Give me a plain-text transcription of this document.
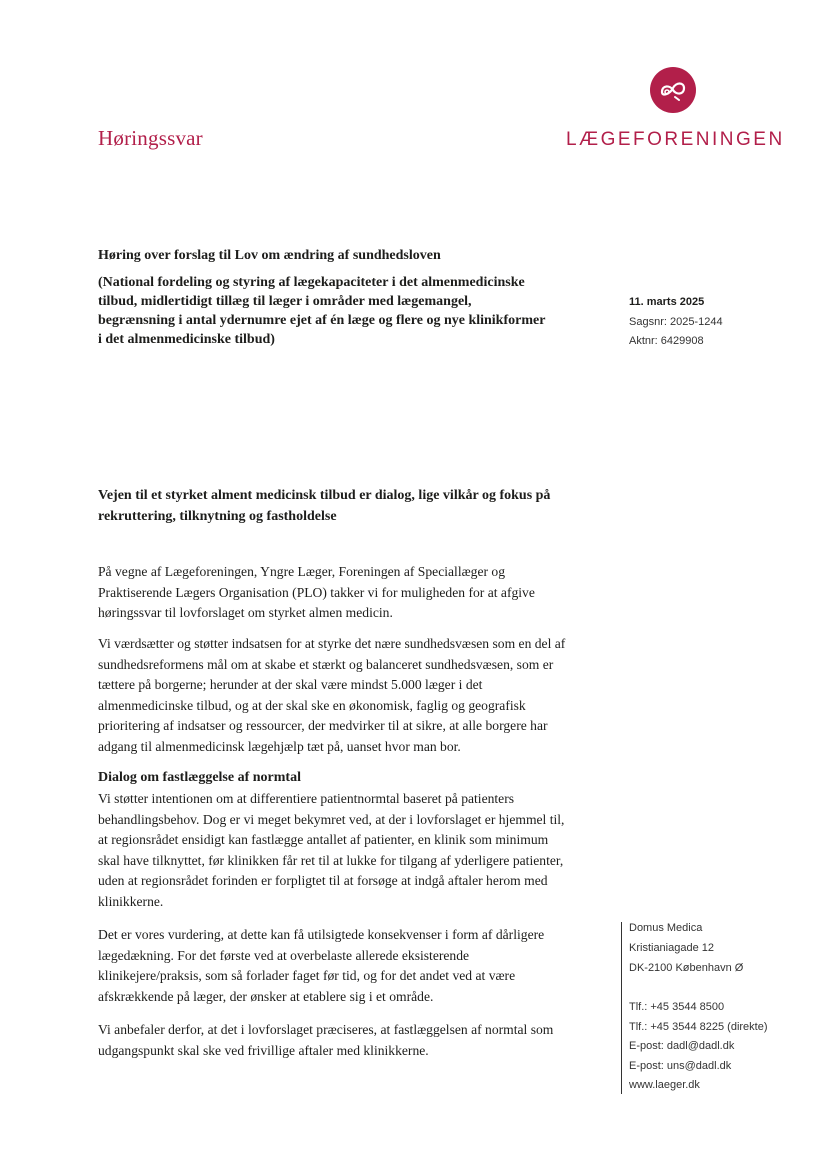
Høringssvar	LÆGEFORENINGEN
Høring over forslag til Lov om ændring af sundhedsloven
(National fordeling og styring af lægekapaciteter i det almenmedicinske tilbud, midlertidigt tillæg til læger i områder med lægemangel, begrænsning i antal ydernumre ejet af én læge og flere og nye klinikformer i det almenmedicinske tilbud)
11. marts 2025
Sagsnr: 2025-1244
Aktnr: 6429908
Vejen til et styrket alment medicinsk tilbud er dialog, lige vilkår og fokus på rekruttering, tilknytning og fastholdelse
På vegne af Lægeforeningen, Yngre Læger, Foreningen af Speciallæger og Praktiserende Lægers Organisation (PLO) takker vi for muligheden for at afgive høringssvar til lovforslaget om styrket almen medicin.
Vi værdsætter og støtter indsatsen for at styrke det nære sundhedsvæsen som en del af sundhedsreformens mål om at skabe et stærkt og balanceret sundhedsvæsen, som er tættere på borgerne; herunder at der skal være mindst 5.000 læger i det almenmedicinske tilbud, og at der skal ske en økonomisk, faglig og geografisk prioritering af indsatser og ressourcer, der medvirker til at sikre, at alle borgere har adgang til almenmedicinsk lægehjælp tæt på, uanset hvor man bor.
Dialog om fastlæggelse af normtal
Vi støtter intentionen om at differentiere patientnormtal baseret på patienters behandlingsbehov. Dog er vi meget bekymret ved, at der i lovforslaget er hjemmel til, at regionsrådet ensidigt kan fastlægge antallet af patienter, en klinik som minimum skal have tilknyttet, før klinikken får ret til at lukke for tilgang af yderligere patienter, uden at regionsrådet forinden er forpligtet til at forsøge at indgå aftaler herom med klinikkerne.
Det er vores vurdering, at dette kan få utilsigtede konsekvenser i form af dårligere lægedækning. For det første ved at overbelaste allerede eksisterende klinikejere/praksis, som så forlader faget før tid, og for det andet ved at være afskrækkende på læger, der ønsker at etablere sig i et område.
Vi anbefaler derfor, at det i lovforslaget præciseres, at fastlæggelsen af normtal som udgangspunkt skal ske ved frivillige aftaler med klinikkerne.
Domus Medica
Kristianiagade 12
DK-2100 København Ø
Tlf.: +45 3544 8500
Tlf.: +45 3544 8225 (direkte)
E-post: dadl@dadl.dk
E-post: uns@dadl.dk
www.laeger.dk
